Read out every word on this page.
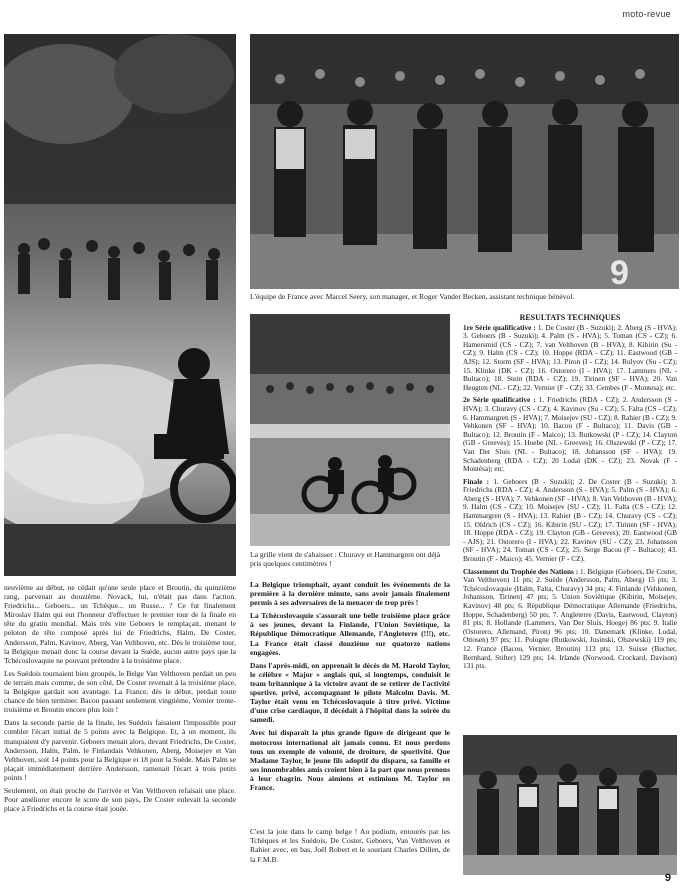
moto-revue
9
L'équipe de France avec Marcel Seery, son manager, et Roger Vander Becken, assistant technique bénévol.
La grille vient de s'abaisser : Churavy et Hammargren ont déjà pris quelques centimètres !
RESULTATS TECHNIQUES

1re Série qualificative : 1. De Coster (B - Suzuki); 2. Aberg (S - HVA); 3. Geboers (B - Suzuki); 4. Palm (S - HVA); 5. Toman (CS - CZ); 6. Hamersmid (CS - CZ); 7. van Velthoven (B - HVA); 8. Kibirin (Su - CZ); 9. Halm (CS - CZ); 10. Hoppe (RDA - CZ); 11. Eastwood (GB - AJS); 12. Storm (SF - HVA); 13. Piron (I - CZ); 14. Rulyov (Su - CZ); 15. Klinke (DK - CZ); 16. Ostorero (I - HVA); 17. Lammers (NL - Bultaco); 18. Stein (RDA - CZ); 19. Tirinen (SF - HVA); 20. Van Heugten (NL - CZ); 22. Vernier (F - CZ); 33. Cembes (F - Montesa); etc.

2e Série qualificative : 1. Friedrichs (RDA - CZ); 2. Andersson (S - HVA); 3. Churavy (CS - CZ); 4. Kavinov (Su - CZ); 5. Falta (CS - CZ); 6. Hammargren (S - HVA); 7. Moisejev (SU - CZ); 8. Rahier (B - CZ); 9. Vehkonen (SF - HVA); 10. Bacou (F - Bultaco); 11. Davis (GB - Bultaco); 12. Broutin (F - Maico); 13. Rutkowski (P - CZ); 14. Clayton (GB - Greeves); 15. Hoebe (NL - Greeves); 16. Olszewski (P - CZ); 17. Van Der Sluis (NL - Bultaco); 18. Johansson (SF - HVA); 19. Schadenberg (RDA - CZ); 20 Lodal (DK - CZ); 23. Novak (F - Montésa); etc.

Finale : 1. Geboers (B - Suzuki); 2. De Coster (B - Suzuki); 3. Friedrichs (RDA - CZ); 4. Andersson (S - HVA); 5. Palm (S - HVA); 6. Aberg (S - HVA); 7. Vehkonen (SF - HVA); 8. Van Velthoven (B - HVA); 9. Halm (CS - CZ); 10. Moisejev (SU - CZ); 11. Falta (CS - CZ); 12. Hammargren (S - HVA); 13. Rahier (B - CZ); 14. Churavy (CS - CZ); 15. Oldrich (CS - CZ); 16. Kibirin (SU - CZ); 17. Tirinen (SF - HVA); 18. Hoppe (RDA - CZ); 19. Clayton (GB - Greeves); 20. Eastwood (GB - AJS); 21. Ostorero (I - HVA); 22. Kavinov (SU - CZ); 23. Johansson (SF - HVA); 24. Toman (CS - CZ); 25. Serge Bacou (F - Bultaco); 43. Broutin (F - Maico); 45. Vernier (F - CZ).

Classement du Trophée des Nations : 1. Belgique (Geboers, De Coster, Van Velthoven) 11 pts; 2. Suède (Andersson, Palm, Aberg) 15 pts; 3. Tchécoslovaquie (Halm, Falta, Churavy) 34 pts; 4. Finlande (Vehkonen, Johansson, Tirinen) 47 pts; 5. Union Soviétique (Kibirin, Moisejev, Kavinov) 48 pts; 6. République Démocratique Allemande (Friedrichs, Hoppe, Schadenberg) 50 pts; 7. Angleterre (Davis, Eastwood, Clayton) 81 pts; 8. Hollande (Lammers, Van Der Sluis, Hoege) 86 pts; 9. Italie (Ostorero, Allemand, Piron) 96 pts; 10. Danemark (Klinke, Lodal, Ottosen) 97 pts; 11. Pologne (Rutkowski, Jusinski, Olszewski) 119 pts; 12. France (Bacou, Vernier, Broutin) 113 pts; 13. Suisse (Bucher, Bernhard, Stifter) 129 pts; 14. Irlande (Norwood, Crockard, Davison) 131 pts.

neuvième au début, ne cédait qu'une seule place et Broutin, du quinzième rang, parvenait au douzième. Novack, lui, n'était pas dans l'action. Friedrichs... Geboers... un Tchèque... un Russe... ? Ce fut finalement Miroslav Halm qui eut l'honneur d'effectuer le premier tour de la finale en tête du gratin mondial. Mais très vite Geboers le remplaçait, menant le peloton de tête composé après lui de Friedrichs, Halm, De Coster, Andersson, Palm, Kavinov, Aberg, Van Velthoven, etc. Dès le troisième tour, la Belgique menait donc la course devant la Suède, aucun autre pays que la Tchécoslovaquie ne pouvant prétendre à la troisième place.

Les Suédois tournaient bien groupés, le Belge Van Velthoven perdait un peu de terrain mais comme, de son côté, De Coster revenait à la troisième place, la Belgique gardait son avantage. La France, dès le début, perdait toute chance de bien terminer. Bacou passant seulement vingtième, Vernier trente-troisième et Broutin encore plus loin !

Dans la seconde partie de la finale, les Suédois faisaient l'impossible pour combler l'écart initial de 5 points avec la Belgique. Et, à un moment, ils manquaient d'y parvenir. Geboers menait alors, devant Friedrichs, De Coster, Andersson, Halm, Palm, le Finlandais Vehkonen, Aberg, Moisejev et Van Velthoven, soit 14 points pour la Belgique et 18 pour la Suède. Mais Palm se plaçait immédiatement derrière Andersson, ramenait l'écart à trois petits points !

Seulement, on était proche de l'arrivée et Van Velthoven refaisait une place. Pour améliorer encore le score de son pays, De Coster enlevait la seconde place à Friedrichs et la course était jouée.

La Belgique triomphait, ayant conduit les événements de la première à la dernière minute, sans avoir jamais finalement permis à ses adversaires de la menacer de trop près !

La Tchécoslovaquie s'assurait une belle troisième place grâce à ses jeunes, devant la Finlande, l'Union Soviétique, la République Démocratique Allemande, l'Angleterre (!!!), etc. La France était classé douzième sur quatorze nations engagées.

Dans l'après-midi, on apprenait le décès de M. Harold Taylor, le célèbre « Major » anglais qui, si longtemps, conduisit le team britannique à la victoire avant de se retirer de l'activité sportive. privé, accompagnant le pilote Malcolm Davis. M. Taylor était venu en Tchécoslovaquie à titre privé. Victime d'une crise cardiaque, il décédait à l'hôpital dans la soirée du samedi.

Avec lui disparaît la plus grande figure de dirigeant que le motocross international ait jamais connu. Et nous perdons tous un exemple de volonté, de droiture, de sportivité. Que Madame Taylor, le jeune fils adoptif du disparu, sa famille et ses innombrables amis croient bien à la part que nous prenons à leur chagrin. Nous aimions et estimions M. Taylor en France.

C'est la joie dans le camp belge ! Au podium, entourés par les Tchèques et les Suédois, De Coster, Geboers, Van Velthoven et Rahier avec, en bas, Joël Robert et le souriant Charles Dillen, de la F.M.B.
9
